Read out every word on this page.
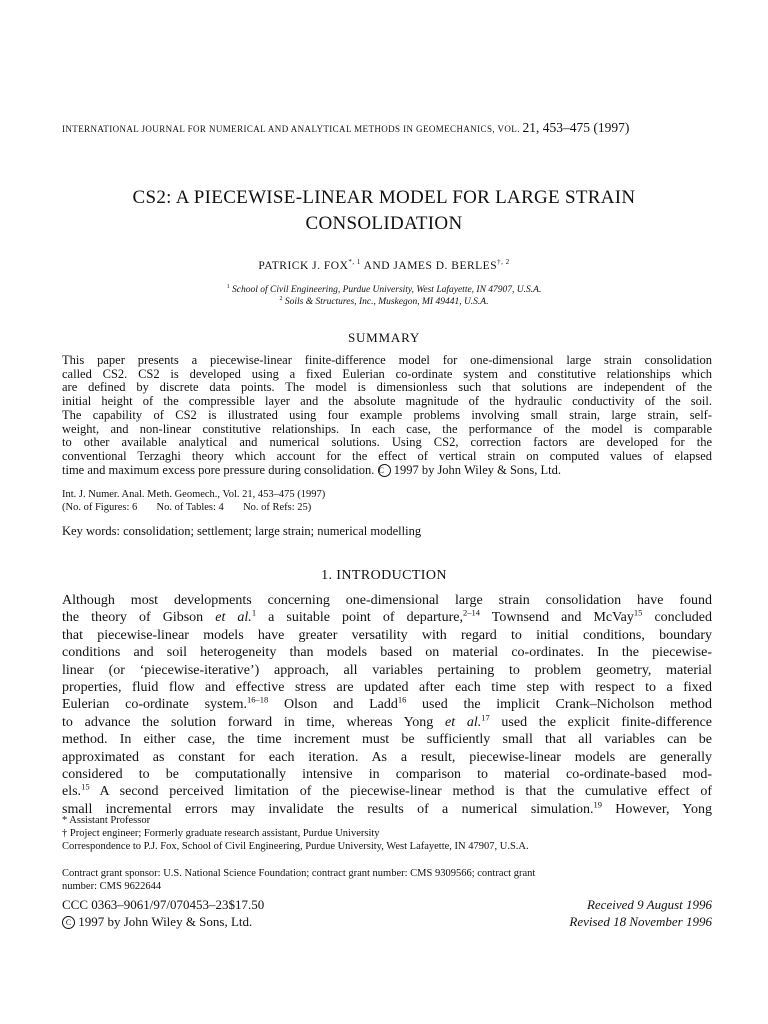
INTERNATIONAL JOURNAL FOR NUMERICAL AND ANALYTICAL METHODS IN GEOMECHANICS, VOL. 21, 453–475 (1997)
CS2: A PIECEWISE-LINEAR MODEL FOR LARGE STRAIN
CONSOLIDATION
PATRICK J. $FOX^{*, 1}$ AND JAMES D. $BERLES^{\dagger, 2}$
$^1$ School of Civil Engineering, Purdue University, West Lafayette, IN 47907, U.S.A.
$^2$ Soils & Structures, Inc., Muskegon, MI 49441, U.S.A.
SUMMARY
This paper presents a piecewise-linear finite-difference model for one-dimensional large strain consolidation
called CS2. CS2 is developed using a fixed Eulerian co-ordinate system and constitutive relationships which
are defined by discrete data points. The model is dimensionless such that solutions are independent of the
initial height of the compressible layer and the absolute magnitude of the hydraulic conductivity of the soil.
The capability of CS2 is illustrated using four example problems involving small strain, large strain, self-
weight, and non-linear constitutive relationships. In each case, the performance of the model is comparable
to other available analytical and numerical solutions. Using CS2, correction factors are developed for the
conventional Terzaghi theory which account for the effect of vertical strain on computed values of elapsed
time and maximum excess pore pressure during consolidation. C 1997 by John Wiley & Sons, Ltd.
Int. J. Numer. Anal. Meth. Geomech., Vol. 21, 453–475 (1997)
(No. of Figures: 6 No. of Tables: 4 No. of Refs: 25)
Key words: consolidation; settlement; large strain; numerical modelling
1. INTRODUCTION
Although most developments concerning one-dimensional large strain consolidation have found
the theory of Gibson et al.$^1$ a suitable point of departure,$^{2-14}$ Townsend and McVay$^{15}$ concluded
that piecewise-linear models have greater versatility with regard to initial conditions, boundary
conditions and soil heterogeneity than models based on material co-ordinates. In the piecewise-
linear (or ‘piecewise-iterative’) approach, all variables pertaining to problem geometry, material
properties, fluid flow and effective stress are updated after each time step with respect to a fixed
Eulerian co-ordinate system.$^{16-18}$ Olson and Ladd$^{16}$ used the implicit Crank–Nicholson method
to advance the solution forward in time, whereas Yong et al.$^{17}$ used the explicit finite-difference
method. In either case, the time increment must be sufficiently small that all variables can be
approximated as constant for each iteration. As a result, piecewise-linear models are generally
considered to be computationally intensive in comparison to material co-ordinate-based mod-
els.$^{15}$ A second perceived limitation of the piecewise-linear method is that the cumulative effect of
small incremental errors may invalidate the results of a numerical simulation.$^{19}$ However, Yong
* Assistant Professor
† Project engineer; Formerly graduate research assistant, Purdue University
Correspondence to P.J. Fox, School of Civil Engineering, Purdue University, West Lafayette, IN 47907, U.S.A.
Contract grant sponsor: U.S. National Science Foundation; contract grant number: CMS 9309566; contract grant
number: CMS 9622644
CCC 0363–9061/97/070453–23$17.50	Received 9 August 1996
C 1997 by John Wiley & Sons, Ltd.	Revised 18 November 1996
